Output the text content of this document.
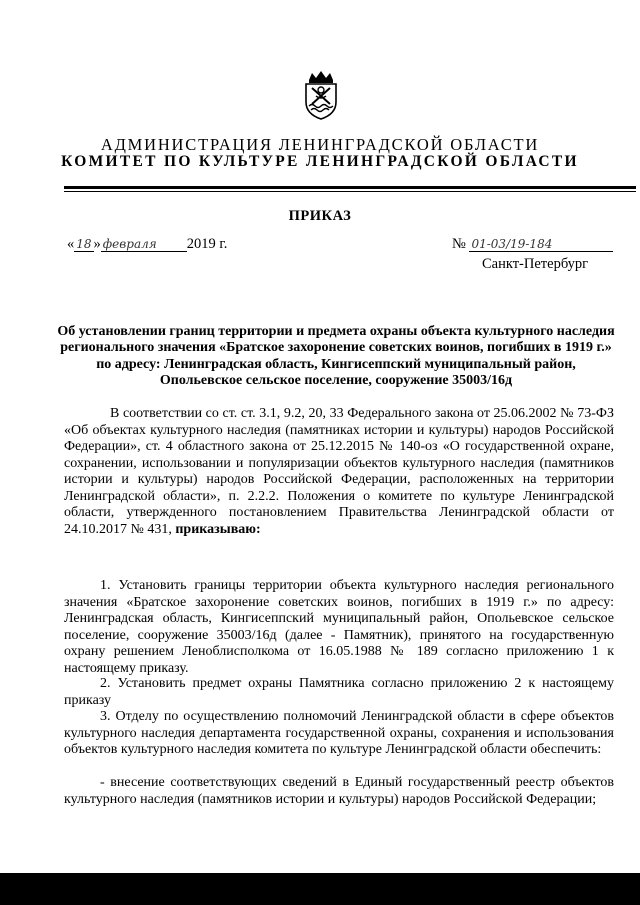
АДМИНИСТРАЦИЯ ЛЕНИНГРАДСКОЙ ОБЛАСТИ
КОМИТЕТ ПО КУЛЬТУРЕ ЛЕНИНГРАДСКОЙ ОБЛАСТИ
ПРИКАЗ
« 18 » февраля 2019 г.	№ 01-03/19-184
Санкт-Петербург
Об установлении границ территории и предмета охраны объекта культурного наследия регионального значения «Братское захоронение советских воинов, погибших в 1919 г.» по адресу: Ленинградская область, Кингисеппский муниципальный район, Опольевское сельское поселение, сооружение 35003/16д

В соответствии со ст. ст. 3.1, 9.2, 20, 33 Федерального закона от 25.06.2002 № 73-ФЗ «Об объектах культурного наследия (памятниках истории и культуры) народов Российской Федерации», ст. 4 областного закона от 25.12.2015 № 140-оз «О государственной охране, сохранении, использовании и популяризации объектов культурного наследия (памятников истории и культуры) народов Российской Федерации, расположенных на территории Ленинградской области», п. 2.2.2. Положения о комитете по культуре Ленинградской области, утвержденного постановлением Правительства Ленинградской области от 24.10.2017 № 431, приказываю:

1. Установить границы территории объекта культурного наследия регионального значения «Братское захоронение советских воинов, погибших в 1919 г.» по адресу: Ленинградская область, Кингисеппский муниципальный район, Опольевское сельское поселение, сооружение 35003/16д (далее - Памятник), принятого на государственную охрану решением Леноблисполкома от 16.05.1988 № 189 согласно приложению 1 к настоящему приказу.

2. Установить предмет охраны Памятника согласно приложению 2 к настоящему приказу

3. Отделу по осуществлению полномочий Ленинградской области в сфере объектов культурного наследия департамента государственной охраны, сохранения и использования объектов культурного наследия комитета по культуре Ленинградской области обеспечить:

- внесение соответствующих сведений в Единый государственный реестр объектов культурного наследия (памятников истории и культуры) народов Российской Федерации;
